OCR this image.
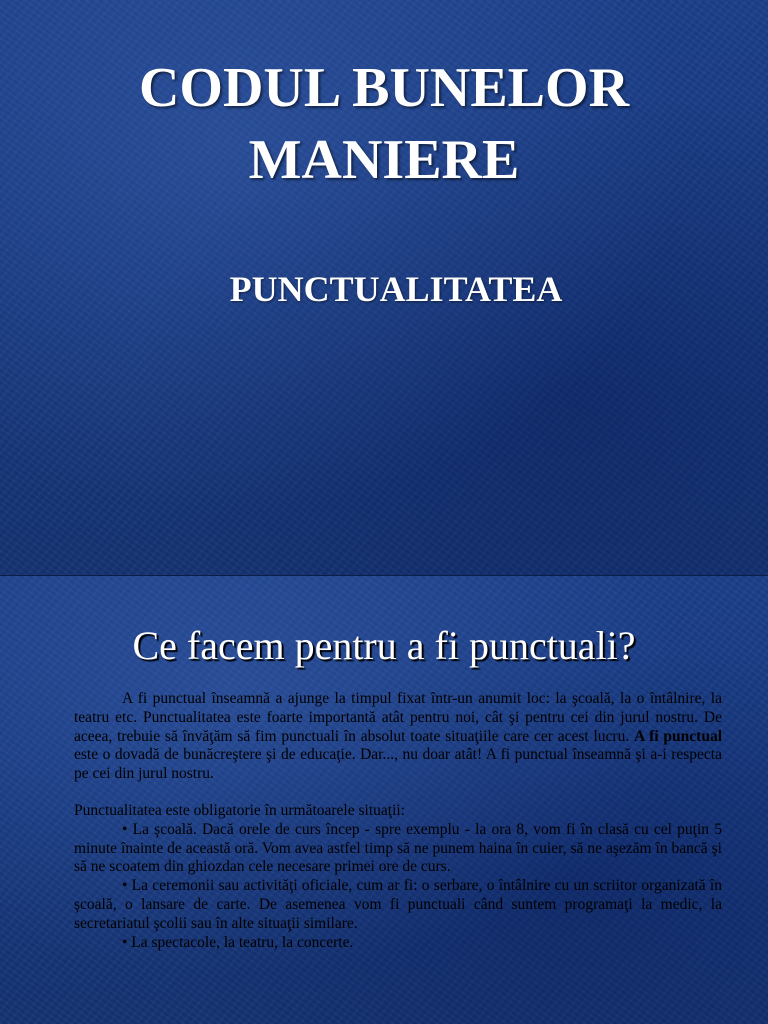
CODUL BUNELOR
MANIERE
PUNCTUALITATEA
Ce facem pentru a fi punctuali?

A fi punctual înseamnă a ajunge la timpul fixat într-un anumit loc: la şcoală, la o întâlnire, la teatru etc. Punctualitatea este foarte importantă atât pentru noi, cât şi pentru cei din jurul nostru. De aceea, trebuie să învăţăm să fim punctuali în absolut toate situaţiile care cer acest lucru. A fi punctual este o dovadă de bunăcreştere şi de educaţie. Dar..., nu doar atât! A fi punctual înseamnă şi a-i respecta pe cei din jurul nostru.

Punctualitatea este obligatorie în următoarele situaţii:

• La şcoală. Dacă orele de curs încep - spre exemplu - la ora 8, vom fi în clasă cu cel puţin 5 minute înainte de această oră. Vom avea astfel timp să ne punem haina în cuier, să ne aşezăm în bancă şi să ne scoatem din ghiozdan cele necesare primei ore de curs.

• La ceremonii sau activităţi oficiale, cum ar fi: o serbare, o întâlnire cu un scriitor organizată în şcoală, o lansare de carte. De asemenea vom fi punctuali când suntem programaţi la medic, la secretariatul şcolii sau în alte situaţii similare.

• La spectacole, la teatru, la concerte.
